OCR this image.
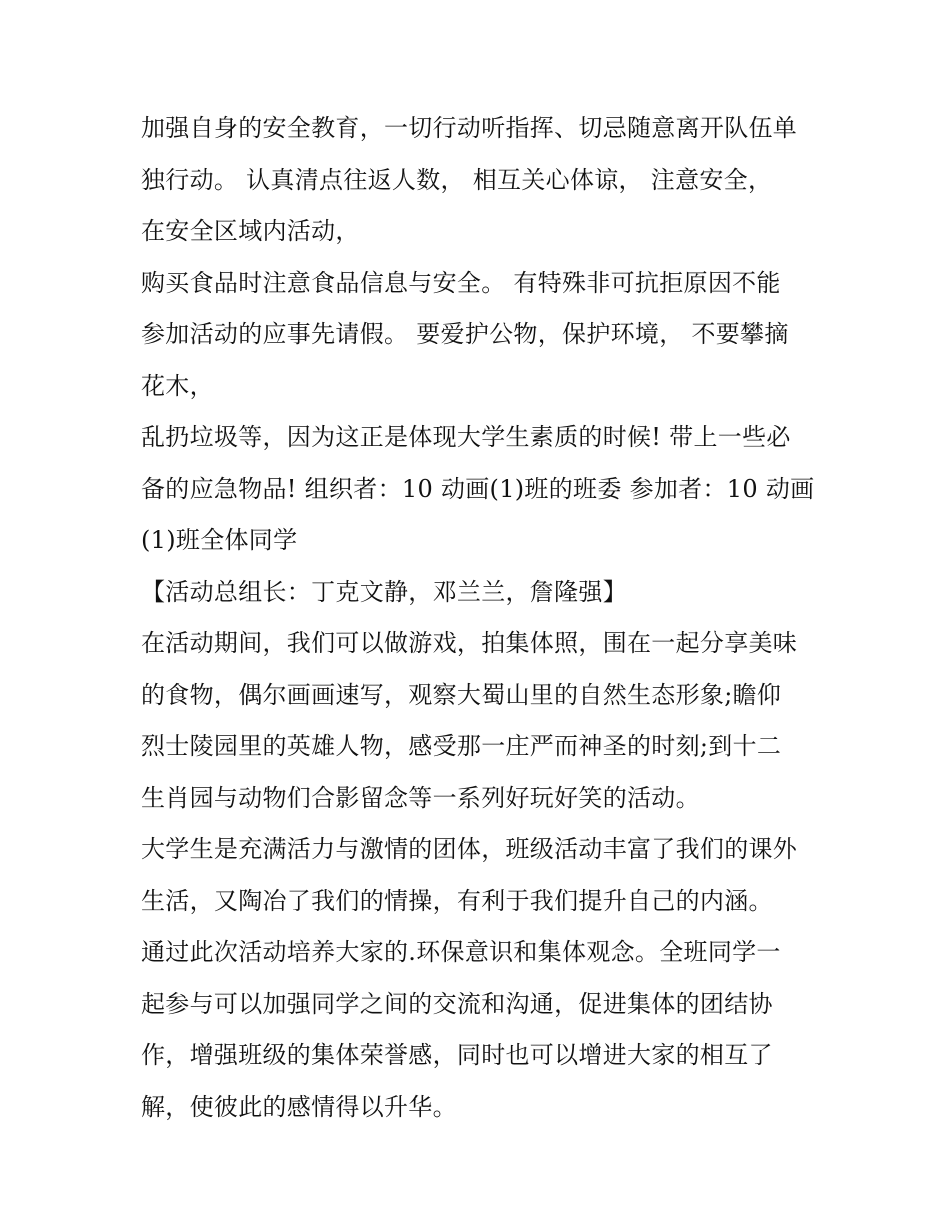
加强自身的安全教育，一切行动听指挥、切忌随意离开队伍单
独行动。 认真清点往返人数， 相互关心体谅， 注意安全，
在安全区域内活动，
购买食品时注意食品信息与安全。 有特殊非可抗拒原因不能
参加活动的应事先请假。 要爱护公物，保护环境， 不要攀摘
花木，
乱扔垃圾等，因为这正是体现大学生素质的时候! 带上一些必
备的应急物品! 组织者：10 动画(1)班的班委 参加者：10 动画
(1)班全体同学
【活动总组长：丁克文静，邓兰兰，詹隆强】
在活动期间，我们可以做游戏，拍集体照，围在一起分享美味
的食物，偶尔画画速写，观察大蜀山里的自然生态形象;瞻仰
烈士陵园里的英雄人物，感受那一庄严而神圣的时刻;到十二
生肖园与动物们合影留念等一系列好玩好笑的活动。
大学生是充满活力与激情的团体，班级活动丰富了我们的课外
生活，又陶冶了我们的情操，有利于我们提升自己的内涵。
通过此次活动培养大家的.环保意识和集体观念。全班同学一
起参与可以加强同学之间的交流和沟通，促进集体的团结协
作，增强班级的集体荣誉感，同时也可以增进大家的相互了
解，使彼此的感情得以升华。
